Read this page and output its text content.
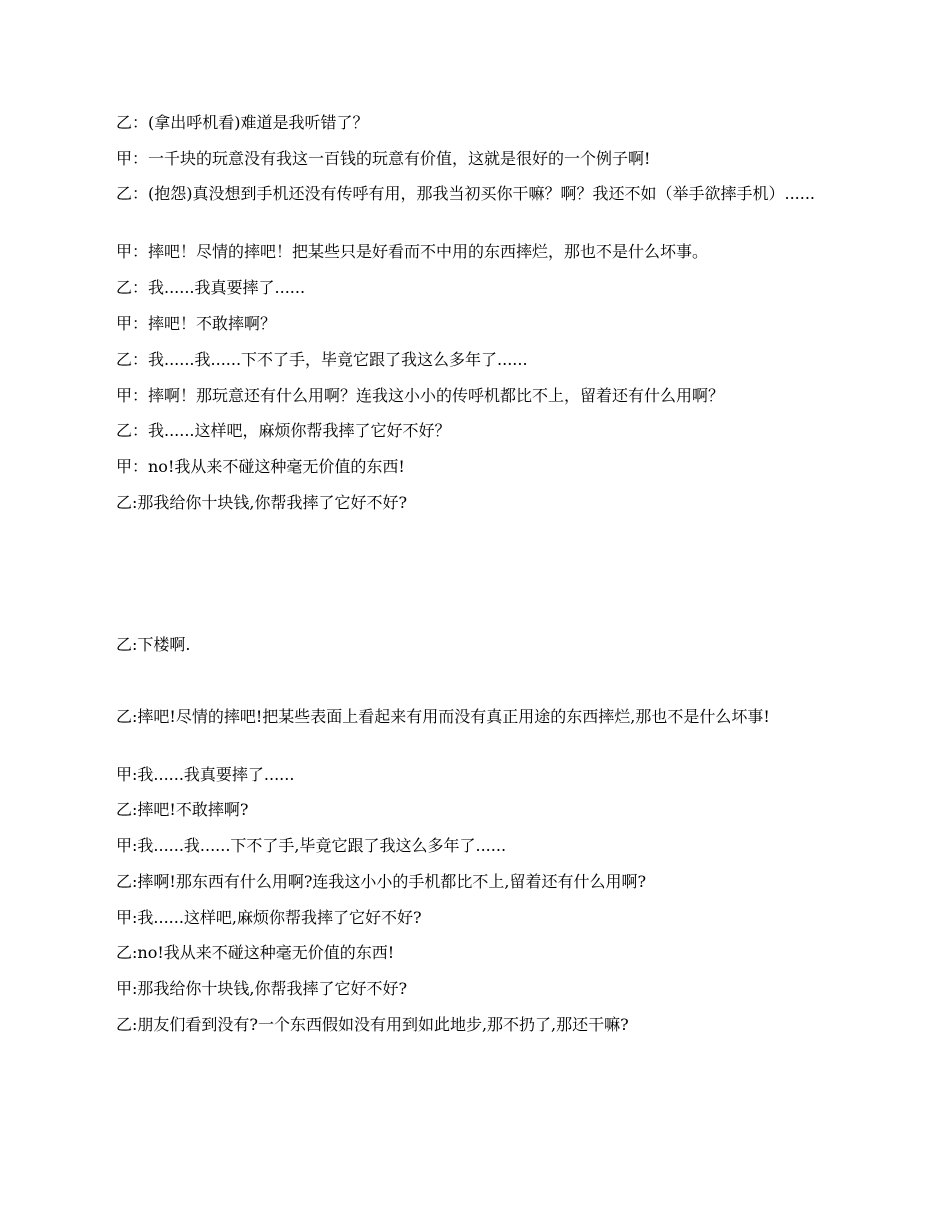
乙：(拿出呼机看)难道是我听错了？

甲：一千块的玩意没有我这一百钱的玩意有价值，这就是很好的一个例子啊!

乙：(抱怨)真没想到手机还没有传呼有用，那我当初买你干嘛？啊？我还不如（举手欲摔手机）......

甲：摔吧！尽情的摔吧！把某些只是好看而不中用的东西摔烂，那也不是什么坏事。

乙：我......我真要摔了......

甲：摔吧！不敢摔啊？

乙：我......我......下不了手，毕竟它跟了我这么多年了......

甲：摔啊！那玩意还有什么用啊？连我这小小的传呼机都比不上，留着还有什么用啊？

乙：我......这样吧，麻烦你帮我摔了它好不好？

甲：no!我从来不碰这种毫无价值的东西!

乙:那我给你十块钱,你帮我摔了它好不好?

乙:下楼啊.

乙:摔吧!尽情的摔吧!把某些表面上看起来有用而没有真正用途的东西摔烂,那也不是什么坏事!

甲:我......我真要摔了......

乙:摔吧!不敢摔啊?

甲:我......我......下不了手,毕竟它跟了我这么多年了......

乙:摔啊!那东西有什么用啊?连我这小小的手机都比不上,留着还有什么用啊?

甲:我......这样吧,麻烦你帮我摔了它好不好?

乙:no!我从来不碰这种毫无价值的东西!

甲:那我给你十块钱,你帮我摔了它好不好?

乙:朋友们看到没有?一个东西假如没有用到如此地步,那不扔了,那还干嘛?
